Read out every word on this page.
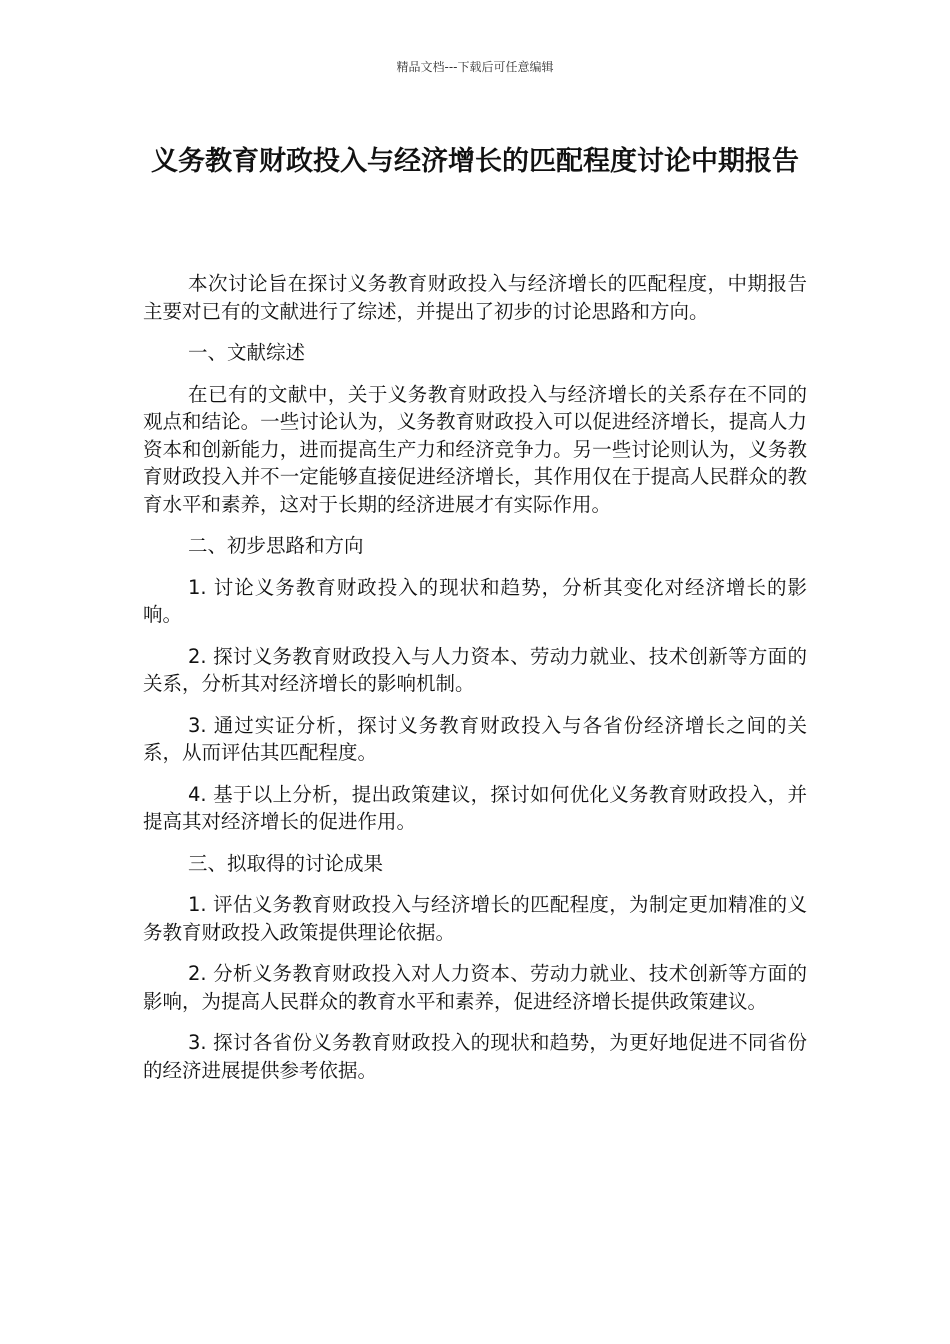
精品文档---下载后可任意编辑
义务教育财政投入与经济增长的匹配程度讨论中期报告

本次讨论旨在探讨义务教育财政投入与经济增长的匹配程度，中期报告主要对已有的文献进行了综述，并提出了初步的讨论思路和方向。

一、文献综述

在已有的文献中，关于义务教育财政投入与经济增长的关系存在不同的观点和结论。一些讨论认为，义务教育财政投入可以促进经济增长，提高人力资本和创新能力，进而提高生产力和经济竞争力。另一些讨论则认为，义务教育财政投入并不一定能够直接促进经济增长，其作用仅在于提高人民群众的教育水平和素养，这对于长期的经济进展才有实际作用。

二、初步思路和方向

1. 讨论义务教育财政投入的现状和趋势，分析其变化对经济增长的影响。

2. 探讨义务教育财政投入与人力资本、劳动力就业、技术创新等方面的关系，分析其对经济增长的影响机制。

3. 通过实证分析，探讨义务教育财政投入与各省份经济增长之间的关系，从而评估其匹配程度。

4. 基于以上分析，提出政策建议，探讨如何优化义务教育财政投入，并提高其对经济增长的促进作用。

三、拟取得的讨论成果

1. 评估义务教育财政投入与经济增长的匹配程度，为制定更加精准的义务教育财政投入政策提供理论依据。

2. 分析义务教育财政投入对人力资本、劳动力就业、技术创新等方面的影响，为提高人民群众的教育水平和素养，促进经济增长提供政策建议。

3. 探讨各省份义务教育财政投入的现状和趋势，为更好地促进不同省份的经济进展提供参考依据。
